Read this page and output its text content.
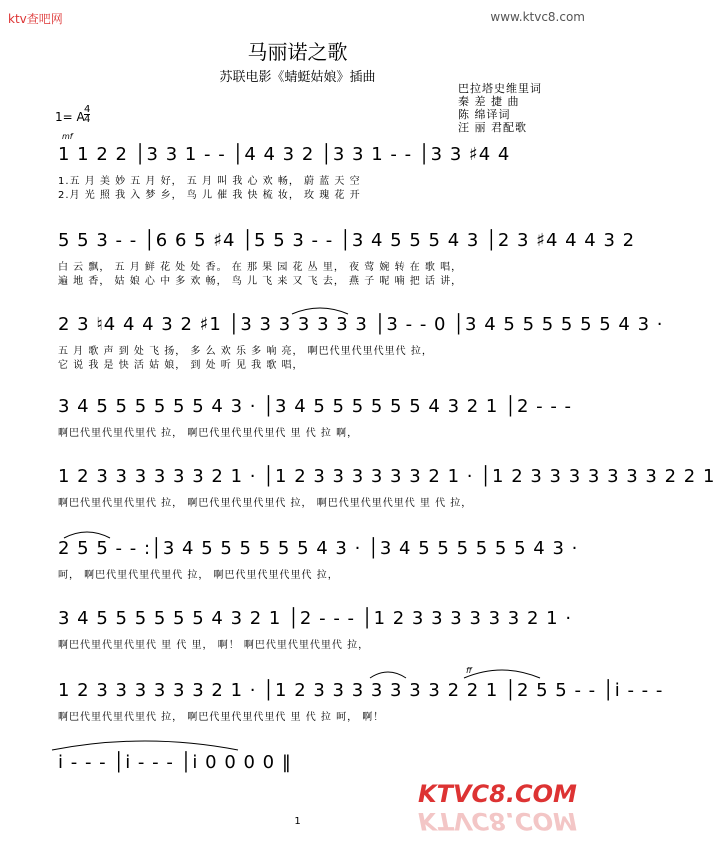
ktv查吧网	www.ktvc8.com
马丽诺之歌
苏联电影《蜻蜓姑娘》插曲
巴拉塔史维里词
秦 差 捷 曲
陈 绵译词
汪 丽 君配歌
1= A
4
4
mf
ff
1 1 2 2 │3 3 1 - - │4 4 3 2 │3 3 1 - - │3 3 ♯4 4
1.五 月 美 妙 五 月 好， 五 月 叫 我 心 欢 畅， 蔚 蓝 天 空
2.月 光 照 我 入 梦 乡， 鸟 儿 催 我 快 梳 妆， 玫 瑰 花 开
5 5 3 - - │6 6 5 ♯4 │5 5 3 - - │3 4 5 5 5 4 3 │2 3 ♯4 4 4 3 2
白 云 飘， 五 月 鲜 花 处 处 香。 在 那 果 园 花 丛 里， 夜 莺 婉 转 在 歌 唱，
遍 地 香， 姑 娘 心 中 多 欢 畅， 鸟 儿 飞 来 又 飞 去， 燕 子 呢 喃 把 话 讲，
2 3 ♮4 4 4 3 2 ♯1 │3 3 3 3 3 3 3 │3 - - 0 │3 4 5 5 5 5 5 5 4 3 ·
五 月 歌 声 到 处 飞 扬， 多 么 欢 乐 多 响 亮， 啊巴代里代里代里代 拉，
它 说 我 是 快 活 姑 娘， 到 处 听 见 我 歌 唱，
3 4 5 5 5 5 5 5 4 3 · │3 4 5 5 5 5 5 5 4 3 2 1 │2 - - -
啊巴代里代里代里代 拉， 啊巴代里代里代里代 里 代 拉 啊，
1 2 3 3 3 3 3 3 2 1 · │1 2 3 3 3 3 3 3 2 1 · │1 2 3 3 3 3 3 3 3 2 2 1
啊巴代里代里代里代 拉， 啊巴代里代里代里代 拉， 啊巴代里代里代里代 里 代 拉，
2 5 5 - - :│3 4 5 5 5 5 5 5 4 3 · │3 4 5 5 5 5 5 5 4 3 ·
呵， 啊巴代里代里代里代 拉， 啊巴代里代里代里代 拉，
3 4 5 5 5 5 5 5 4 3 2 1 │2 - - - │1 2 3 3 3 3 3 3 2 1 ·
啊巴代里代里代里代 里 代 里， 啊！ 啊巴代里代里代里代 拉，
1 2 3 3 3 3 3 3 2 1 · │1 2 3 3 3 3 3 3 3 2 2 1 │2 5 5 - - │i - - -
啊巴代里代里代里代 拉， 啊巴代里代里代里代 里 代 拉 呵， 啊！
i - - - │i - - - │i 0 0 0 0 ‖
KTVC8.COM
KTVC8.COM
1
